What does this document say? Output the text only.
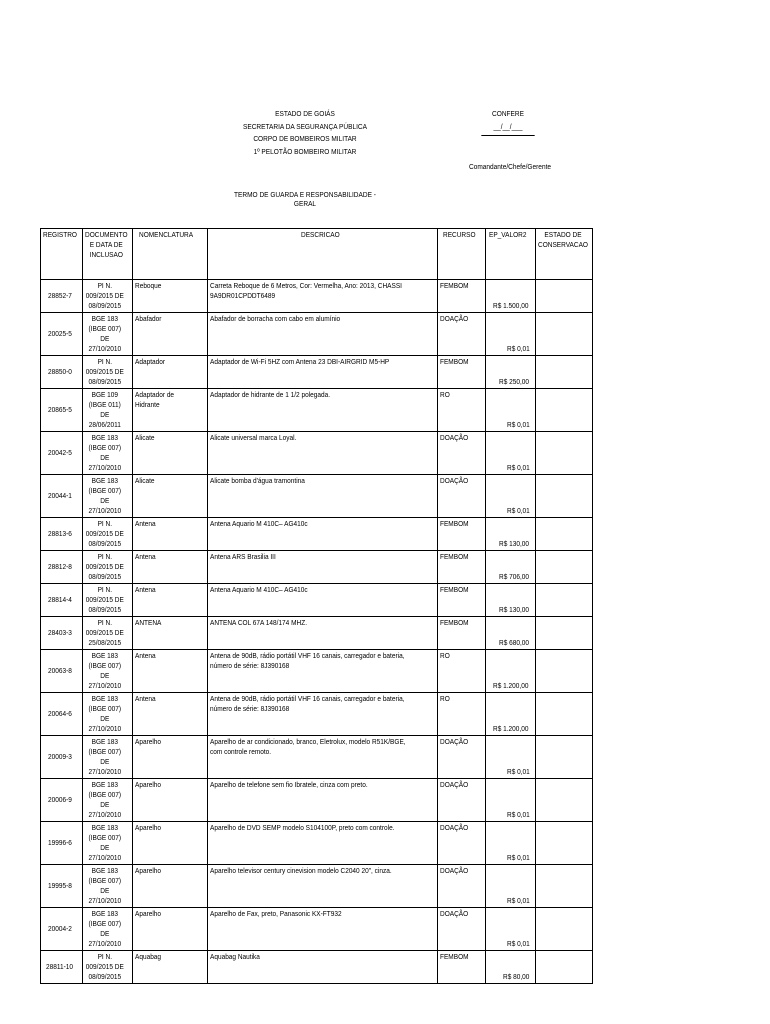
ESTADO DE GOIÁS
SECRETARIA DA SEGURANÇA PÚBLICA
CORPO DE BOMBEIROS MILITAR
1º PELOTÃO BOMBEIRO MILITAR
CONFERE
__/__/___
Comandante/Chefe/Gerente
TERMO DE GUARDA E RESPONSABILIDADE - GERAL
REGISTRO	DOCUMENTO E DATA DE INCLUSAO	NOMENCLATURA	DESCRICAO	RECURSO	EP_VALOR2	ESTADO DE CONSERVACAO
28852-7	PI N. 009/2015 DE 08/09/2015	Reboque	Carreta Reboque de 6 Metros, Cor: Vermelha, Ano: 2013, CHASSI 9A9DR01CPDDT6489	FEMBOM	R$ 1.500,00	
20025-5	BGE 183 (IBGE 007) DE 27/10/2010	Abafador	Abafador de borracha com cabo em alumínio	DOAÇÃO	R$ 0,01	
28850-0	PI N. 009/2015 DE 08/09/2015	Adaptador	Adaptador de Wi-Fi 5HZ com Antena 23 DBI-AIRGRID M5-HP	FEMBOM	R$ 250,00	
20865-5	BGE 109 (IBGE 011) DE 28/06/2011	Adaptador de Hidrante	Adaptador de hidrante de 1 1/2 polegada.	RO	R$ 0,01	
20042-5	BGE 183 (IBGE 007) DE 27/10/2010	Alicate	Alicate universal marca Loyal.	DOAÇÃO	R$ 0,01	
20044-1	BGE 183 (IBGE 007) DE 27/10/2010	Alicate	Alicate bomba d'água tramontina	DOAÇÃO	R$ 0,01	
28813-6	PI N. 009/2015 DE 08/09/2015	Antena	Antena Aquario M 410C– AG410c	FEMBOM	R$ 130,00	
28812-8	PI N. 009/2015 DE 08/09/2015	Antena	Antena ARS Brasilia III	FEMBOM	R$ 706,00	
28814-4	PI N. 009/2015 DE 08/09/2015	Antena	Antena Aquario M 410C– AG410c	FEMBOM	R$ 130,00	
28403-3	PI N. 009/2015 DE 25/08/2015	ANTENA	ANTENA COL 67A 148/174 MHZ.	FEMBOM	R$ 680,00	
20063-8	BGE 183 (IBGE 007) DE 27/10/2010	Antena	Antena de 90dB, rádio portátil VHF 16 canais, carregador e bateria, número de série: 8J390168	RO	R$ 1.200,00	
20064-6	BGE 183 (IBGE 007) DE 27/10/2010	Antena	Antena de 90dB, rádio portátil VHF 16 canais, carregador e bateria, número de série: 8J390168	RO	R$ 1.200,00	
20009-3	BGE 183 (IBGE 007) DE 27/10/2010	Aparelho	Aparelho de ar condicionado, branco, Eletrolux, modelo R51K/BGE, com controle remoto.	DOAÇÃO	R$ 0,01	
20006-9	BGE 183 (IBGE 007) DE 27/10/2010	Aparelho	Aparelho de telefone sem fio Ibratele, cinza com preto.	DOAÇÃO	R$ 0,01	
19996-6	BGE 183 (IBGE 007) DE 27/10/2010	Aparelho	Aparelho de DVD SEMP modelo S104100P, preto com controle.	DOAÇÃO	R$ 0,01	
19995-8	BGE 183 (IBGE 007) DE 27/10/2010	Aparelho	Aparelho televisor century cinevision modelo C2040 20", cinza.	DOAÇÃO	R$ 0,01	
20004-2	BGE 183 (IBGE 007) DE 27/10/2010	Aparelho	Aparelho de Fax, preto, Panasonic KX-FT932	DOAÇÃO	R$ 0,01	
28811-10	PI N. 009/2015 DE 08/09/2015	Aquabag	Aquabag Nautika	FEMBOM	R$ 80,00	
